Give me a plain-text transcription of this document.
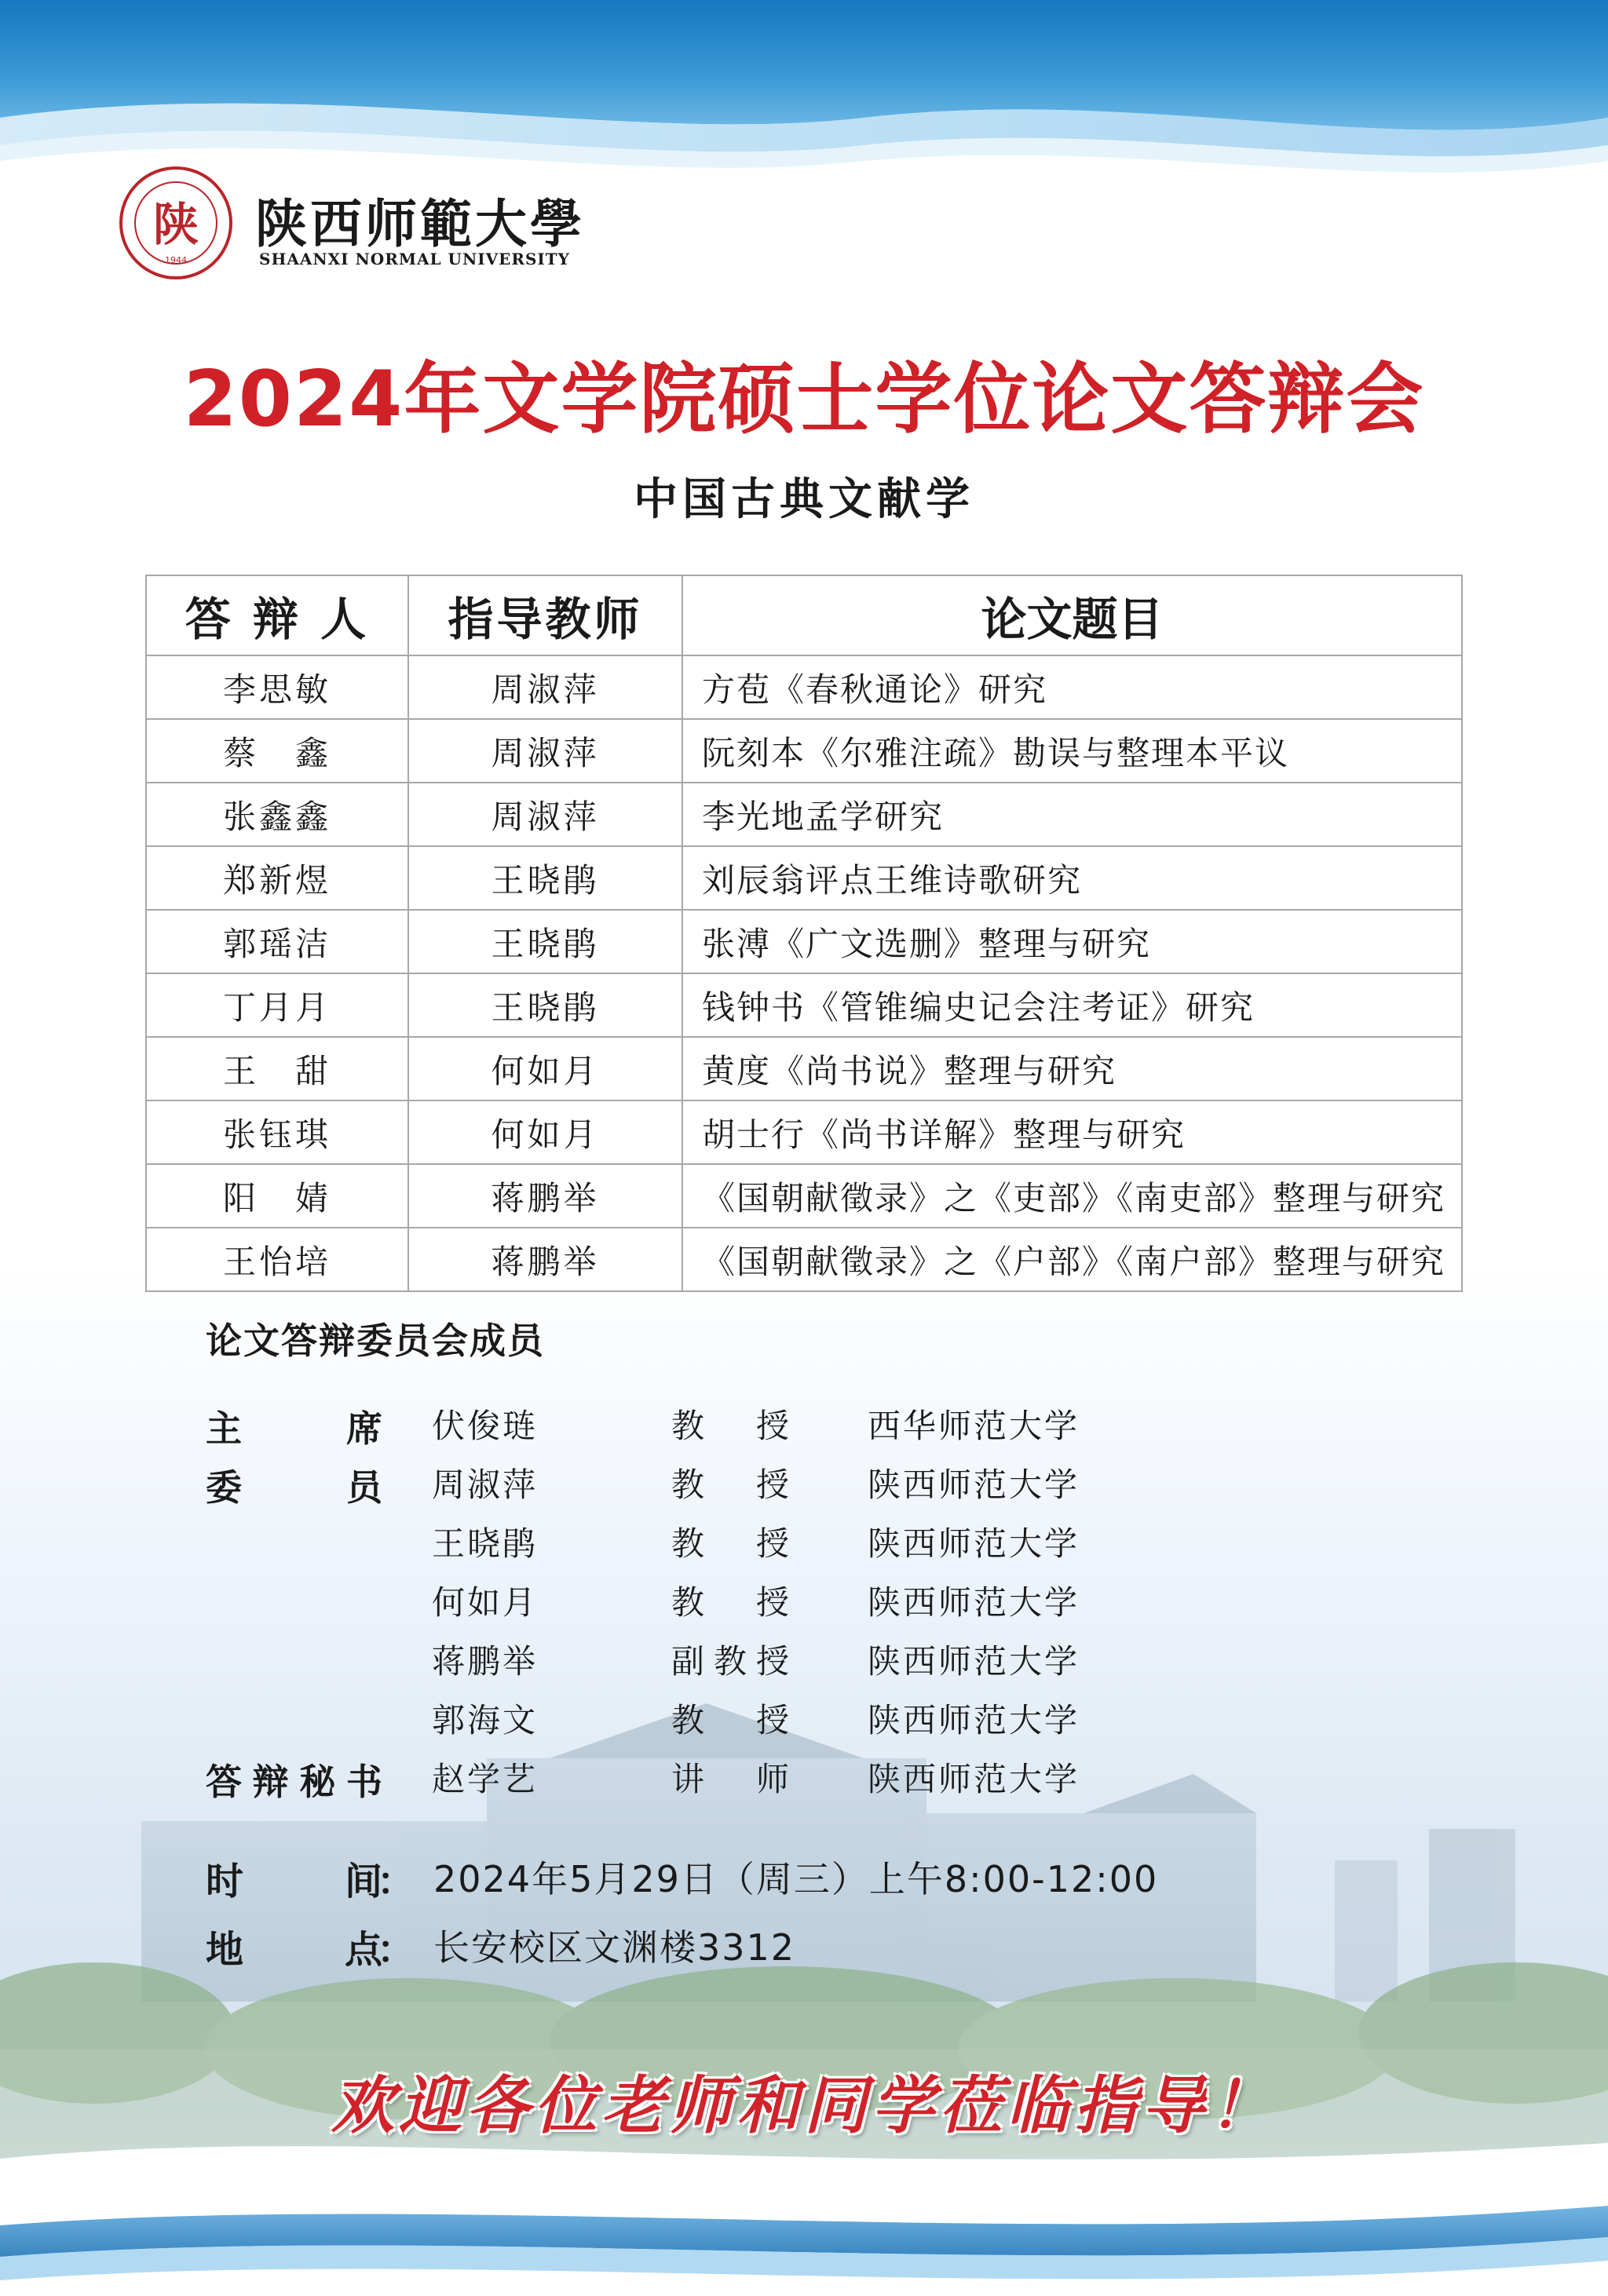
陕
1944
陕西师範大學
SHAANXI NORMAL UNIVERSITY
2024年文学院硕士学位论文答辩会
中国古典文献学
答 辩 人	指导教师	论文题目
李思敏	周淑萍	方苞《春秋通论》研究
蔡　鑫	周淑萍	阮刻本《尔雅注疏》勘误与整理本平议
张鑫鑫	周淑萍	李光地孟学研究
郑新煜	王晓鹃	刘辰翁评点王维诗歌研究
郭瑶洁	王晓鹃	张溥《广文选删》整理与研究
丁月月	王晓鹃	钱钟书《管锥编史记会注考证》研究
王　甜	何如月	黄度《尚书说》整理与研究
张钰琪	何如月	胡士行《尚书详解》整理与研究
阳　婧	蒋鹏举	《国朝献徵录》之《吏部》《南吏部》整理与研究
王怡培	蒋鹏举	《国朝献徵录》之《户部》《南户部》整理与研究
论文答辩委员会成员
主席 伏俊琏	教授 西华师范大学
委员 周淑萍	教授 陕西师范大学
王晓鹃	教授 陕西师范大学
何如月	教授 陕西师范大学
蒋鹏举	副教授 陕西师范大学
郭海文	教授 陕西师范大学
答辩秘书 赵学艺	讲师 陕西师范大学
时间
： 2024年5月29日（周三）上午8:00-12:00
地点
： 长安校区文渊楼3312
欢迎各位老师和同学莅临指导！
